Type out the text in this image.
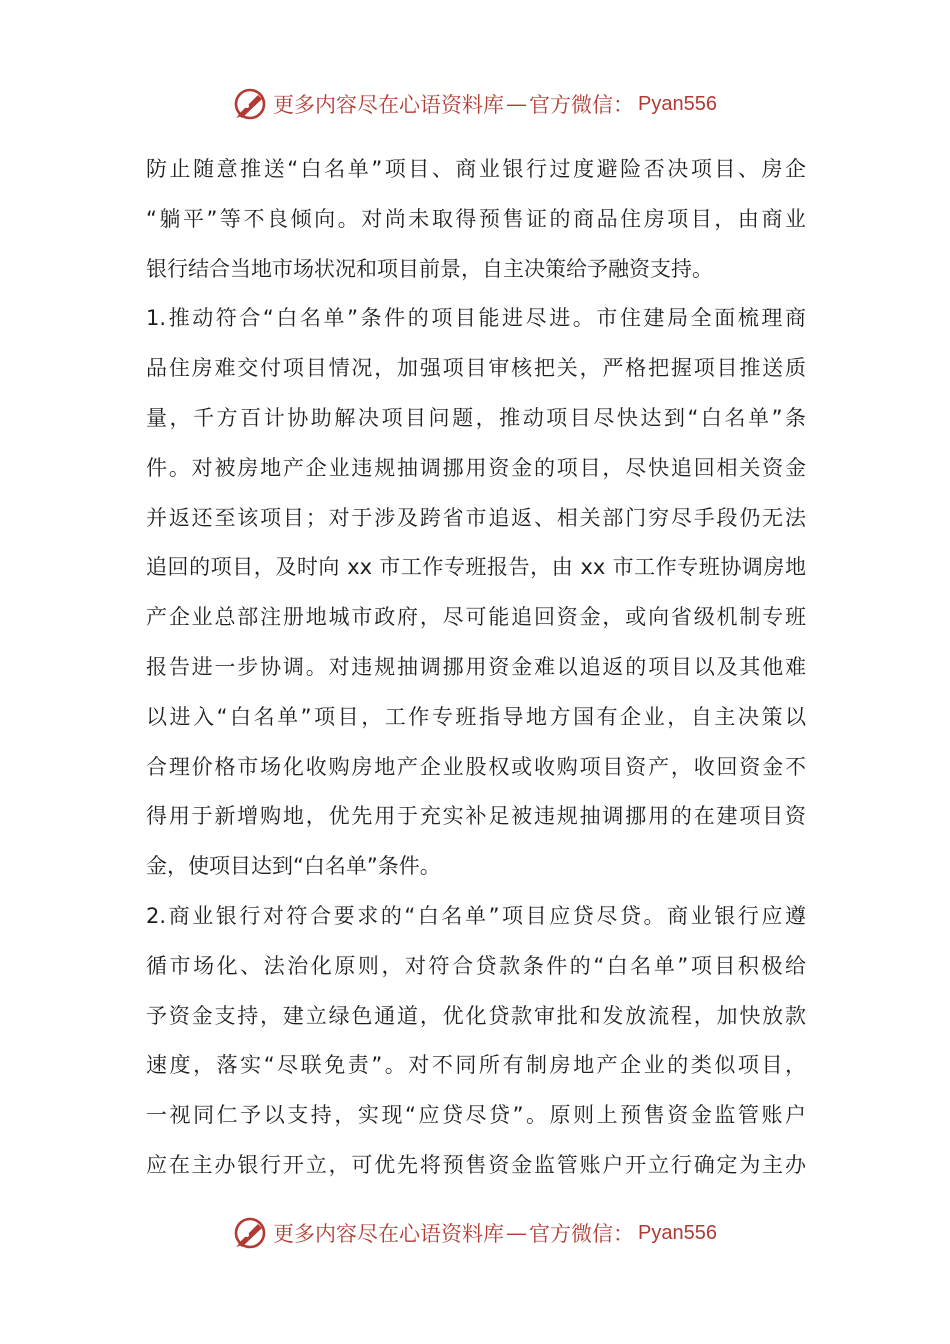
更多内容尽在心语资料库 — 官方微信： Pyan556
防止随意推送“白名单”项目、商业银行过度避险否决项目、房企
“躺平”等不良倾向。对尚未取得预售证的商品住房项目，由商业
银行结合当地市场状况和项目前景，自主决策给予融资支持。
1.推动符合“白名单”条件的项目能进尽进。市住建局全面梳理商
品住房难交付项目情况，加强项目审核把关，严格把握项目推送质
量，千方百计协助解决项目问题，推动项目尽快达到“白名单”条
件。对被房地产企业违规抽调挪用资金的项目，尽快追回相关资金
并返还至该项目；对于涉及跨省市追返、相关部门穷尽手段仍无法
追回的项目，及时向 xx 市工作专班报告，由 xx 市工作专班协调房地
产企业总部注册地城市政府，尽可能追回资金，或向省级机制专班
报告进一步协调。对违规抽调挪用资金难以追返的项目以及其他难
以进入“白名单”项目，工作专班指导地方国有企业，自主决策以
合理价格市场化收购房地产企业股权或收购项目资产，收回资金不
得用于新增购地，优先用于充实补足被违规抽调挪用的在建项目资
金，使项目达到“白名单”条件。
2.商业银行对符合要求的“白名单”项目应贷尽贷。商业银行应遵
循市场化、法治化原则，对符合贷款条件的“白名单”项目积极给
予资金支持，建立绿色通道，优化贷款审批和发放流程，加快放款
速度，落实“尽联免责”。对不同所有制房地产企业的类似项目，
一视同仁予以支持，实现“应贷尽贷”。原则上预售资金监管账户
应在主办银行开立，可优先将预售资金监管账户开立行确定为主办
更多内容尽在心语资料库 — 官方微信： Pyan556
